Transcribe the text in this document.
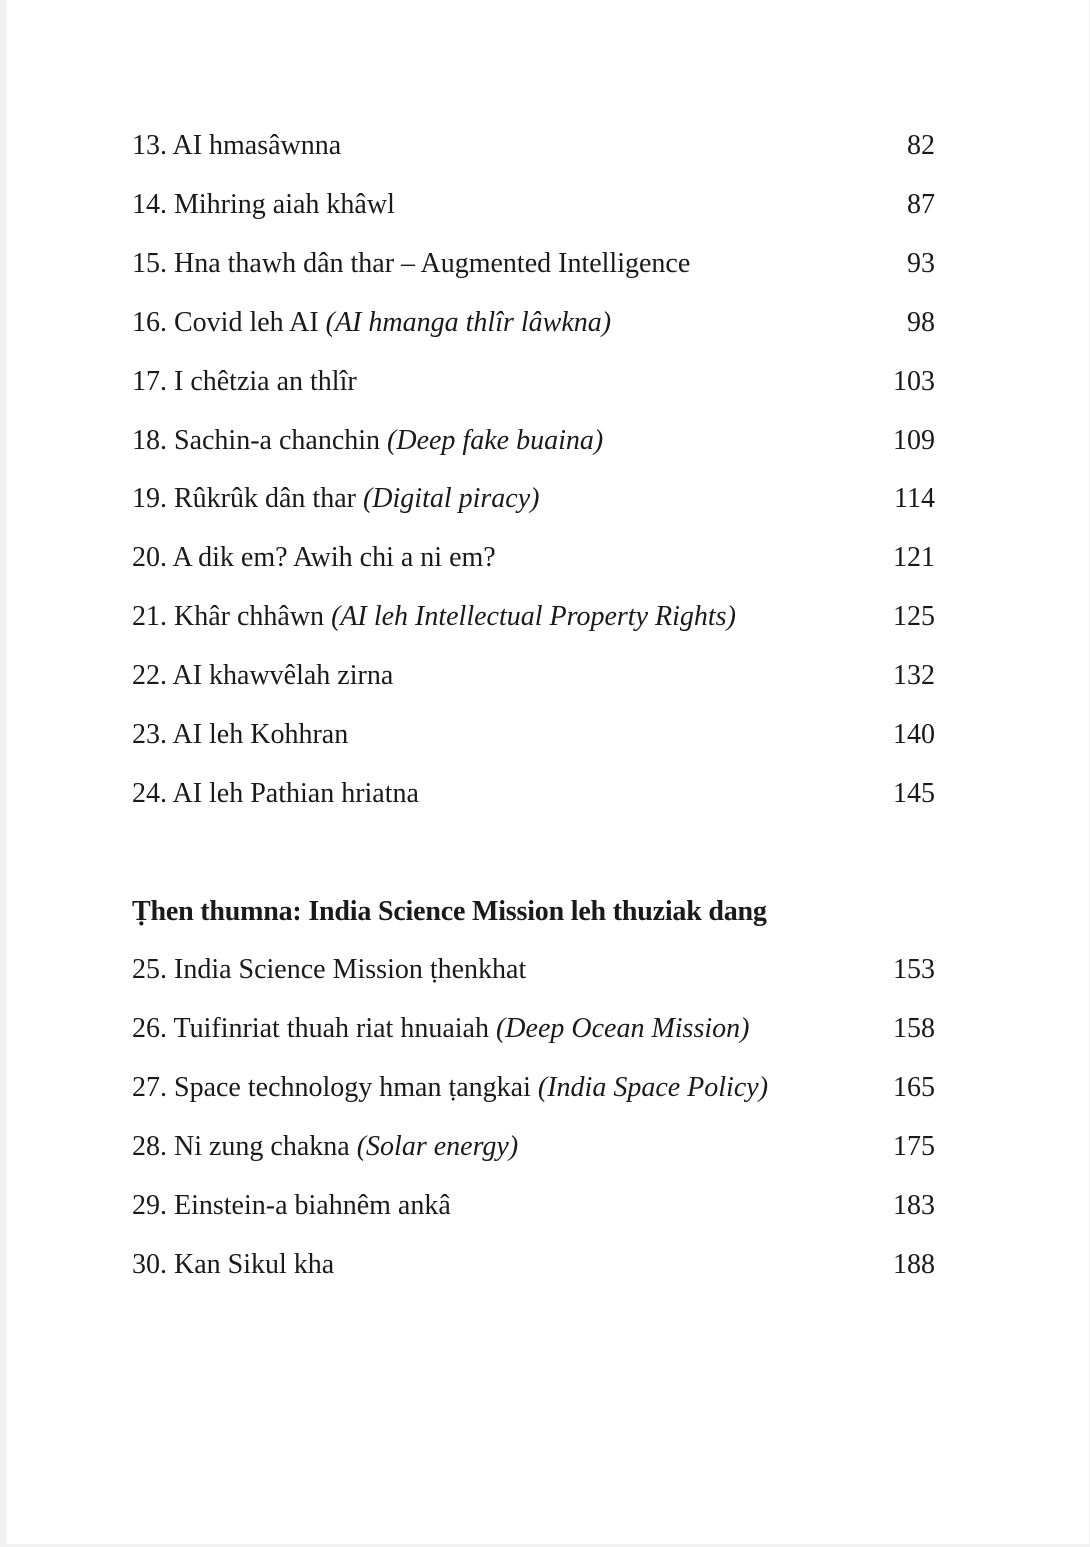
13. AI hmasâwnna	82
14. Mihring aiah khâwl	87
15. Hna thawh dân thar – Augmented Intelligence	93
16. Covid leh AI (AI hmanga thlîr lâwkna)	98
17. I chêtzia an thlîr	103
18. Sachin-a chanchin (Deep fake buaina)	109
19. Rûkrûk dân thar (Digital piracy)	114
20. A dik em? Awih chi a ni em?	121
21. Khâr chhâwn (AI leh Intellectual Property Rights)	125
22. AI khawvêlah zirna	132
23. AI leh Kohhran	140
24. AI leh Pathian hriatna	145
Ṭhen thumna: India Science Mission leh thuziak dang
25. India Science Mission ṭhenkhat	153
26. Tuifinriat thuah riat hnuaiah (Deep Ocean Mission)	158
27. Space technology hman ṭangkai (India Space Policy)	165
28. Ni zung chakna (Solar energy)	175
29. Einstein-a biahnêm ankâ	183
30. Kan Sikul kha	188
